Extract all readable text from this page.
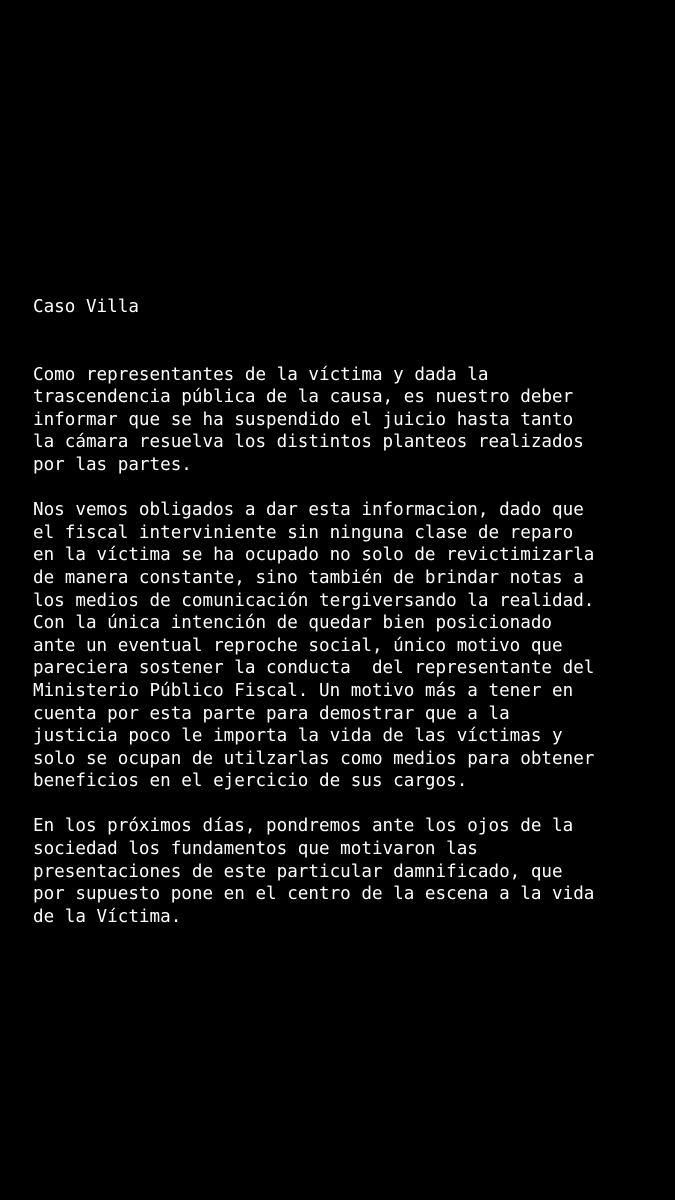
Caso Villa
Como representantes de la víctima y dada la
trascendencia pública de la causa, es nuestro deber
informar que se ha suspendido el juicio hasta tanto
la cámara resuelva los distintos planteos realizados
por las partes.
Nos vemos obligados a dar esta informacion, dado que
el fiscal interviniente sin ninguna clase de reparo
en la víctima se ha ocupado no solo de revictimizarla
de manera constante, sino también de brindar notas a
los medios de comunicación tergiversando la realidad.
Con la única intención de quedar bien posicionado
ante un eventual reproche social, único motivo que
pareciera sostener la conducta  del representante del
Ministerio Público Fiscal. Un motivo más a tener en
cuenta por esta parte para demostrar que a la
justicia poco le importa la vida de las víctimas y
solo se ocupan de utilzarlas como medios para obtener
beneficios en el ejercicio de sus cargos.
En los próximos días, pondremos ante los ojos de la
sociedad los fundamentos que motivaron las
presentaciones de este particular damnificado, que
por supuesto pone en el centro de la escena a la vida
de la Víctima.
